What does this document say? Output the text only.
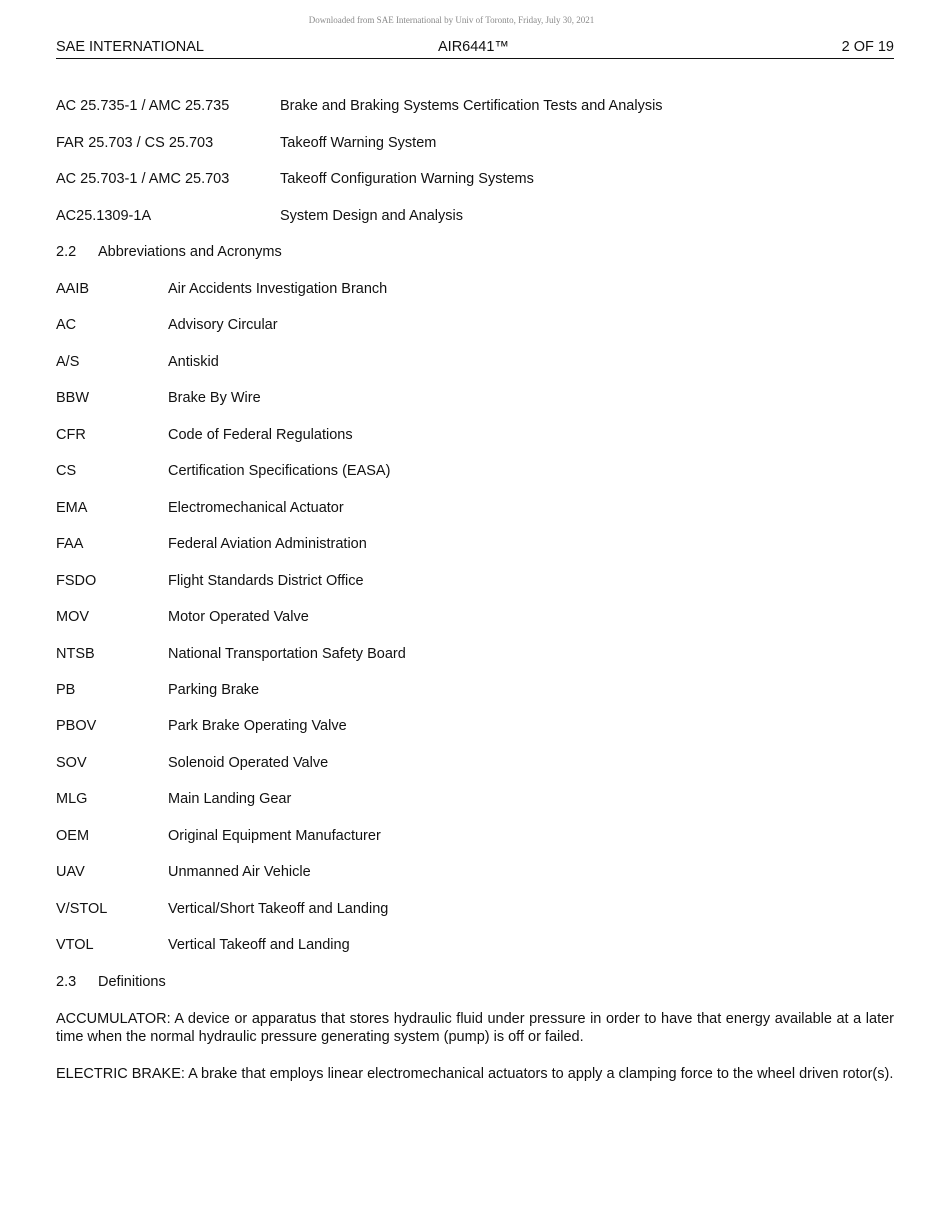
Downloaded from SAE International by Univ of Toronto, Friday, July 30, 2021
SAE INTERNATIONAL	AIR6441™	2 OF 19
AC 25.735-1 / AMC 25.735	Brake and Braking Systems Certification Tests and Analysis
FAR 25.703 / CS 25.703	Takeoff Warning System
AC 25.703-1 / AMC 25.703	Takeoff Configuration Warning Systems
AC25.1309-1A	System Design and Analysis
2.2 Abbreviations and Acronyms
AAIB	Air Accidents Investigation Branch
AC	Advisory Circular
A/S	Antiskid
BBW	Brake By Wire
CFR	Code of Federal Regulations
CS	Certification Specifications (EASA)
EMA	Electromechanical Actuator
FAA	Federal Aviation Administration
FSDO	Flight Standards District Office
MOV	Motor Operated Valve
NTSB	National Transportation Safety Board
PB	Parking Brake
PBOV	Park Brake Operating Valve
SOV	Solenoid Operated Valve
MLG	Main Landing Gear
OEM	Original Equipment Manufacturer
UAV	Unmanned Air Vehicle
V/STOL	Vertical/Short Takeoff and Landing
VTOL	Vertical Takeoff and Landing
2.3 Definitions

ACCUMULATOR: A device or apparatus that stores hydraulic fluid under pressure in order to have that energy available at a later time when the normal hydraulic pressure generating system (pump) is off or failed.

ELECTRIC BRAKE: A brake that employs linear electromechanical actuators to apply a clamping force to the wheel driven rotor(s).
